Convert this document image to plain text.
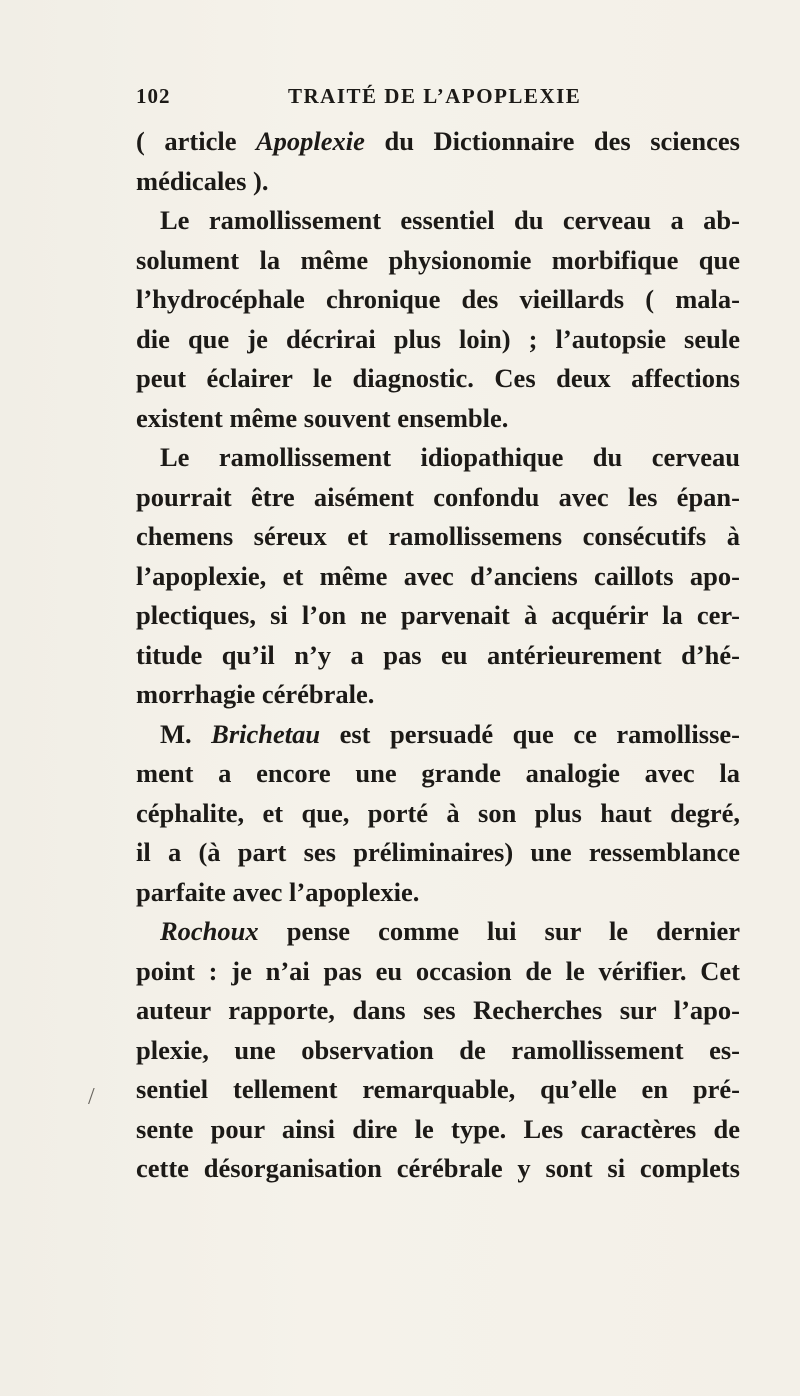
102	TRAITÉ DE L’APOPLEXIE
( article Apoplexie du Dictionnaire des sciences
médicales ).
Le ramollissement essentiel du cerveau a ab-
solument la même physionomie morbifique que
l’hydrocéphale chronique des vieillards ( mala-
die que je décrirai plus loin) ; l’autopsie seule
peut éclairer le diagnostic. Ces deux affections
existent même souvent ensemble.
Le ramollissement idiopathique du cerveau
pourrait être aisément confondu avec les épan-
chemens séreux et ramollissemens consécutifs à
l’apoplexie, et même avec d’anciens caillots apo-
plectiques, si l’on ne parvenait à acquérir la cer-
titude qu’il n’y a pas eu antérieurement d’hé-
morrhagie cérébrale.
M. Brichetau est persuadé que ce ramollisse-
ment a encore une grande analogie avec la
céphalite, et que, porté à son plus haut degré,
il a (à part ses préliminaires) une ressemblance
parfaite avec l’apoplexie.
Rochoux pense comme lui sur le dernier
point : je n’ai pas eu occasion de le vérifier. Cet
auteur rapporte, dans ses Recherches sur l’apo-
plexie, une observation de ramollissement es-
sentiel tellement remarquable, qu’elle en pré-
sente pour ainsi dire le type. Les caractères de
cette désorganisation cérébrale y sont si complets
/
